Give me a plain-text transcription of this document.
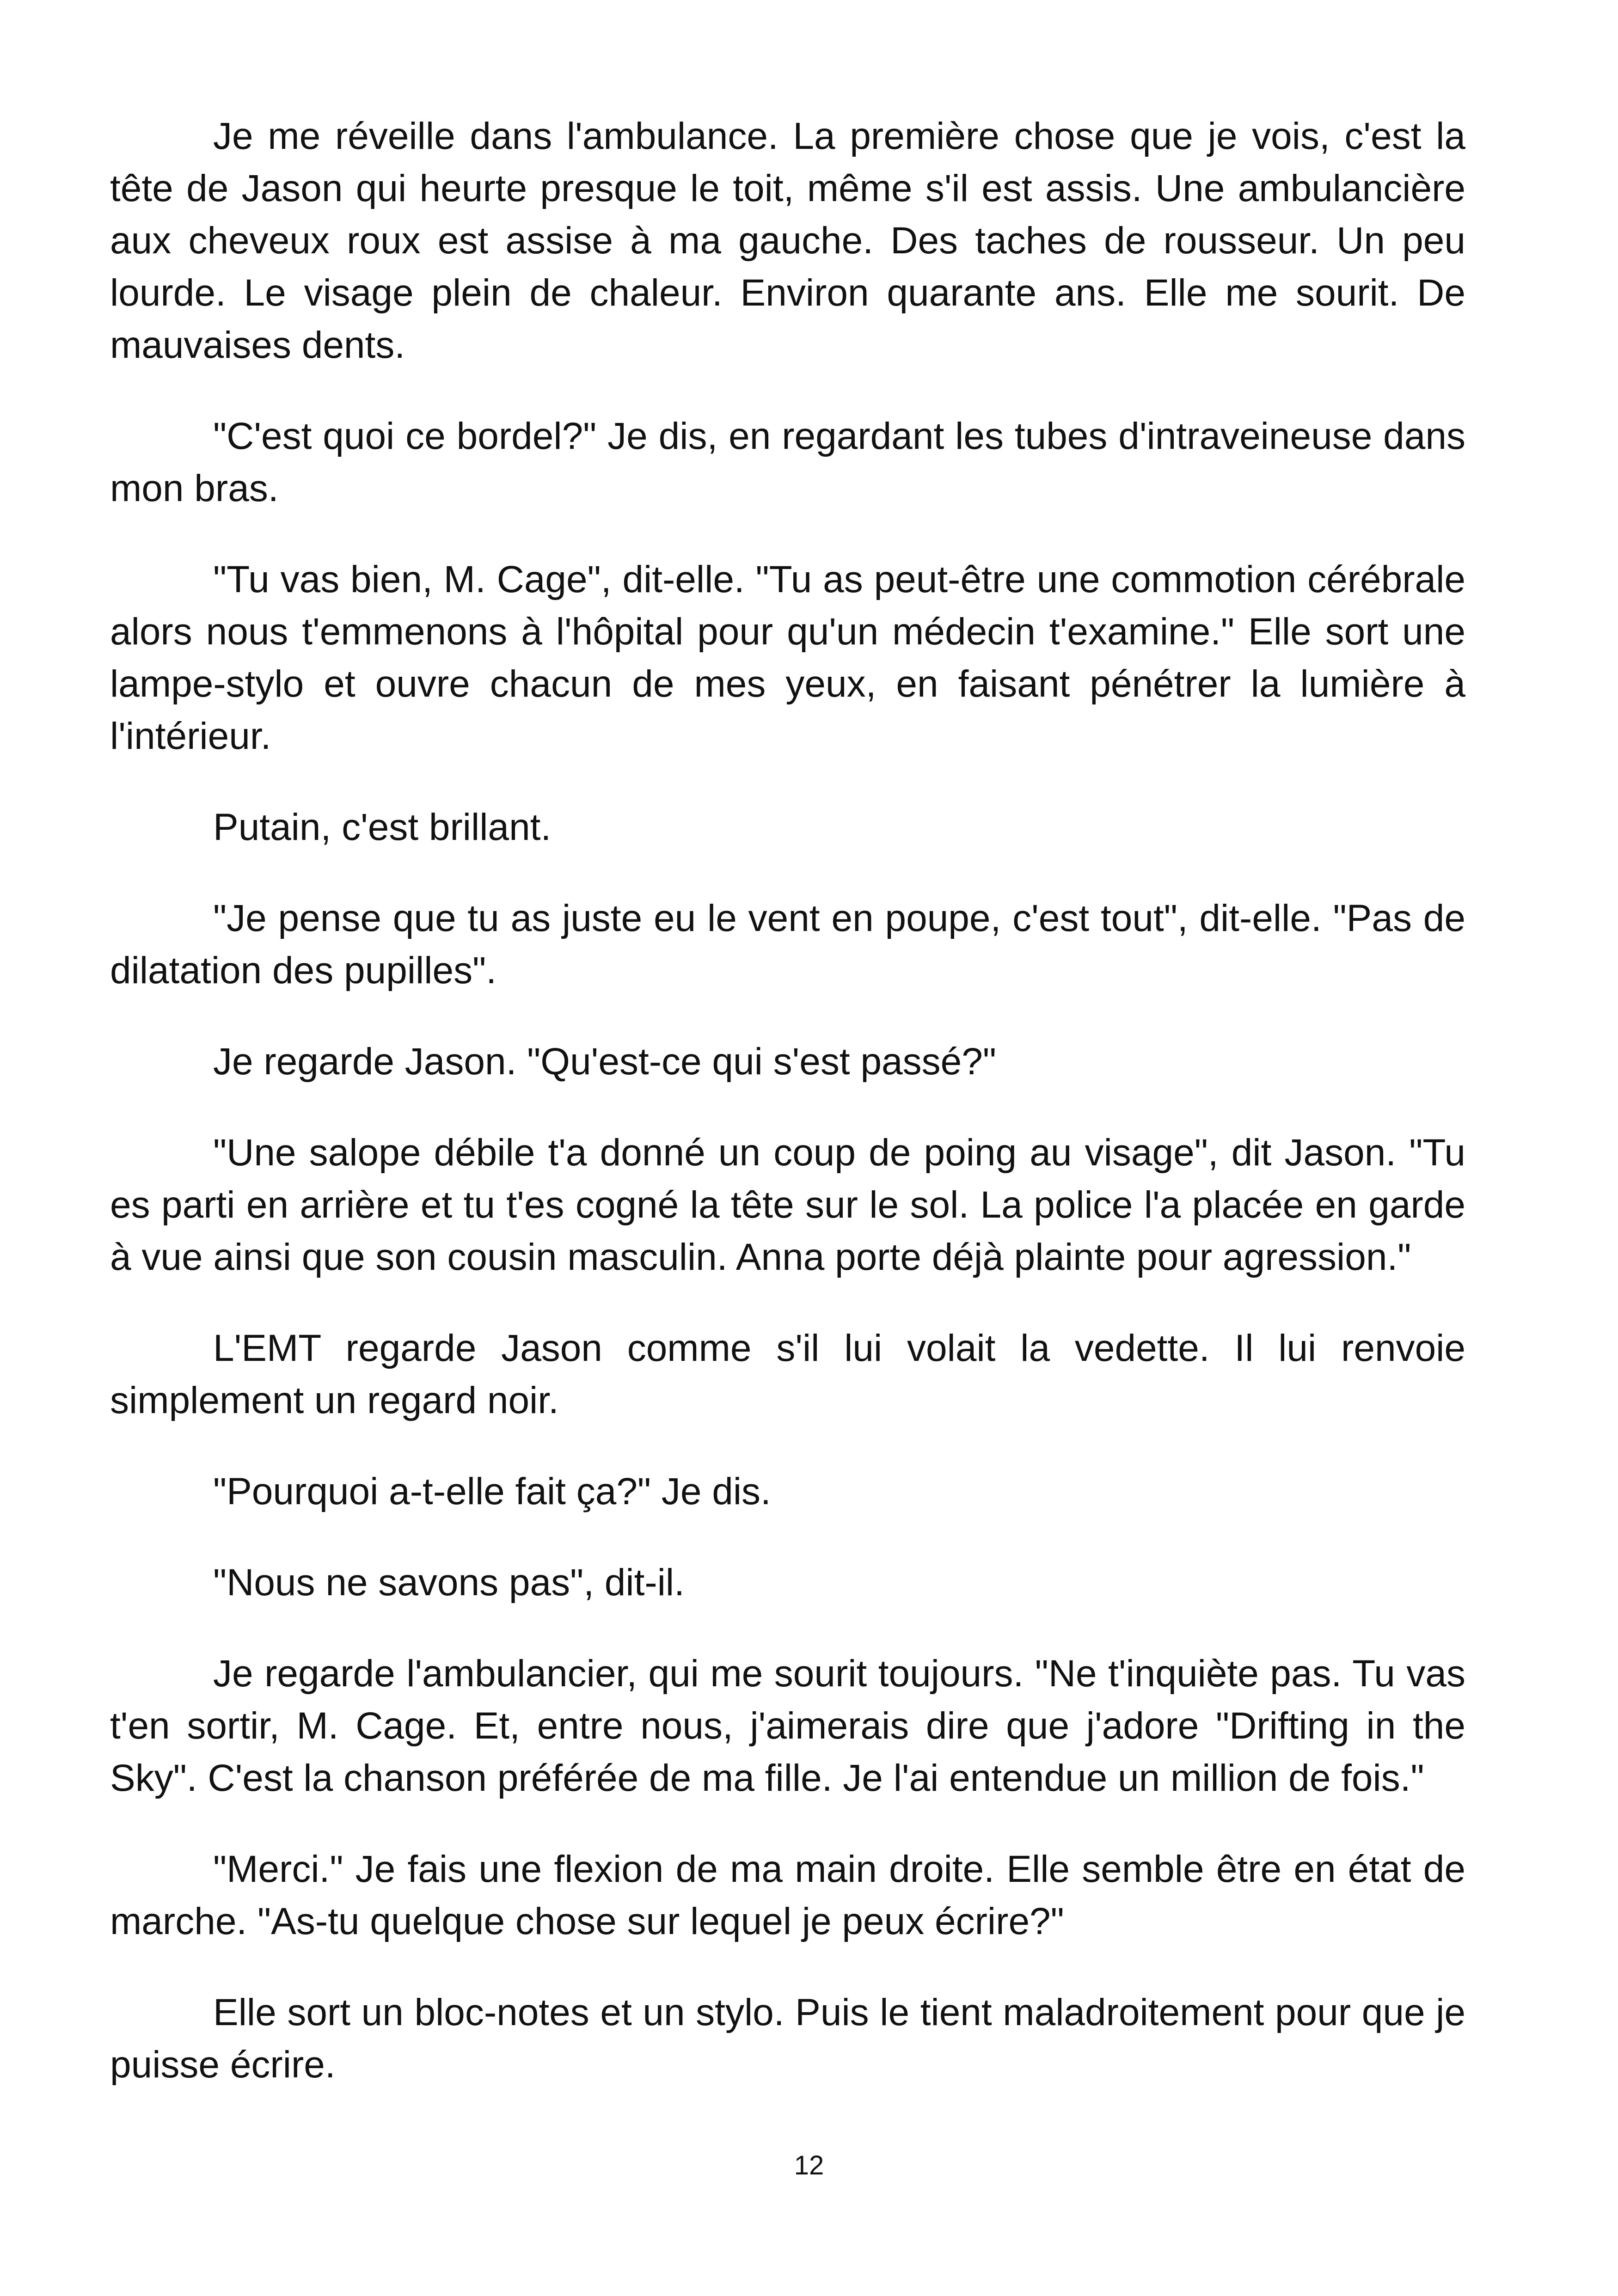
Je me réveille dans l'ambulance. La première chose que je vois, c'est la tête de Jason qui heurte presque le toit, même s'il est assis. Une ambulancière aux cheveux roux est assise à ma gauche. Des taches de rousseur. Un peu lourde. Le visage plein de chaleur. Environ quarante ans. Elle me sourit. De mauvaises dents.

"C'est quoi ce bordel?" Je dis, en regardant les tubes d'intraveineuse dans mon bras.

"Tu vas bien, M. Cage", dit-elle. "Tu as peut-être une commotion cérébrale alors nous t'emmenons à l'hôpital pour qu'un médecin t'examine." Elle sort une lampe-stylo et ouvre chacun de mes yeux, en faisant pénétrer la lumière à l'intérieur.

Putain, c'est brillant.

"Je pense que tu as juste eu le vent en poupe, c'est tout", dit-elle. "Pas de dilatation des pupilles".

Je regarde Jason. "Qu'est-ce qui s'est passé?"

"Une salope débile t'a donné un coup de poing au visage", dit Jason. "Tu es parti en arrière et tu t'es cogné la tête sur le sol. La police l'a placée en garde à vue ainsi que son cousin masculin. Anna porte déjà plainte pour agression."

L'EMT regarde Jason comme s'il lui volait la vedette. Il lui renvoie simplement un regard noir.

"Pourquoi a-t-elle fait ça?" Je dis.

"Nous ne savons pas", dit-il.

Je regarde l'ambulancier, qui me sourit toujours. "Ne t'inquiète pas. Tu vas t'en sortir, M. Cage. Et, entre nous, j'aimerais dire que j'adore "Drifting in the Sky". C'est la chanson préférée de ma fille. Je l'ai entendue un million de fois."

"Merci." Je fais une flexion de ma main droite. Elle semble être en état de marche. "As-tu quelque chose sur lequel je peux écrire?"

Elle sort un bloc-notes et un stylo. Puis le tient maladroitement pour que je puisse écrire.

12
